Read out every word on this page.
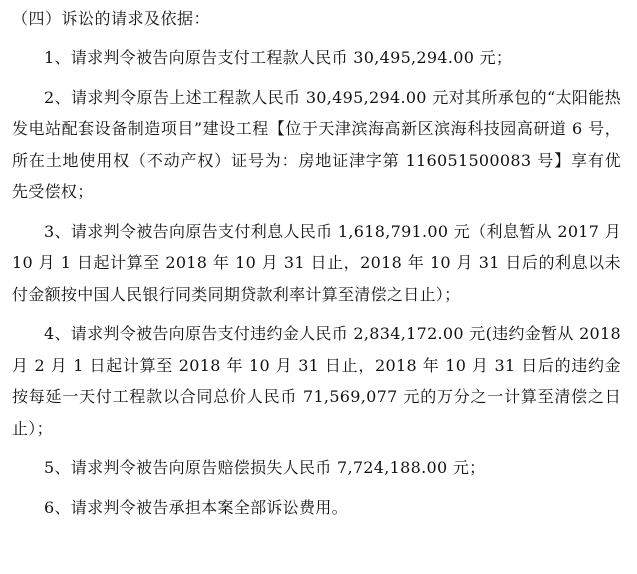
（四）诉讼的请求及依据：

1、请求判令被告向原告支付工程款人民币 30,495,294.00 元；

2、请求判令原告上述工程款人民币 30,495,294.00 元对其所承包的“太阳能热发电站配套设备制造项目”建设工程【位于天津滨海高新区滨海科技园高研道 6 号，所在土地使用权（不动产权）证号为：房地证津字第 116051500083 号】享有优先受偿权；

3、请求判令被告向原告支付利息人民币 1,618,791.00 元（利息暂从 2017 月 10 月 1 日起计算至 2018 年 10 月 31 日止，2018 年 10 月 31 日后的利息以未付金额按中国人民银行同类同期贷款利率计算至清偿之日止）；

4、请求判令被告向原告支付违约金人民币 2,834,172.00 元(违约金暂从 2018 月 2 月 1 日起计算至 2018 年 10 月 31 日止，2018 年 10 月 31 日后的违约金按每延一天付工程款以合同总价人民币 71,569,077 元的万分之一计算至清偿之日止）；

5、请求判令被告向原告赔偿损失人民币 7,724,188.00 元；

6、请求判令被告承担本案全部诉讼费用。
